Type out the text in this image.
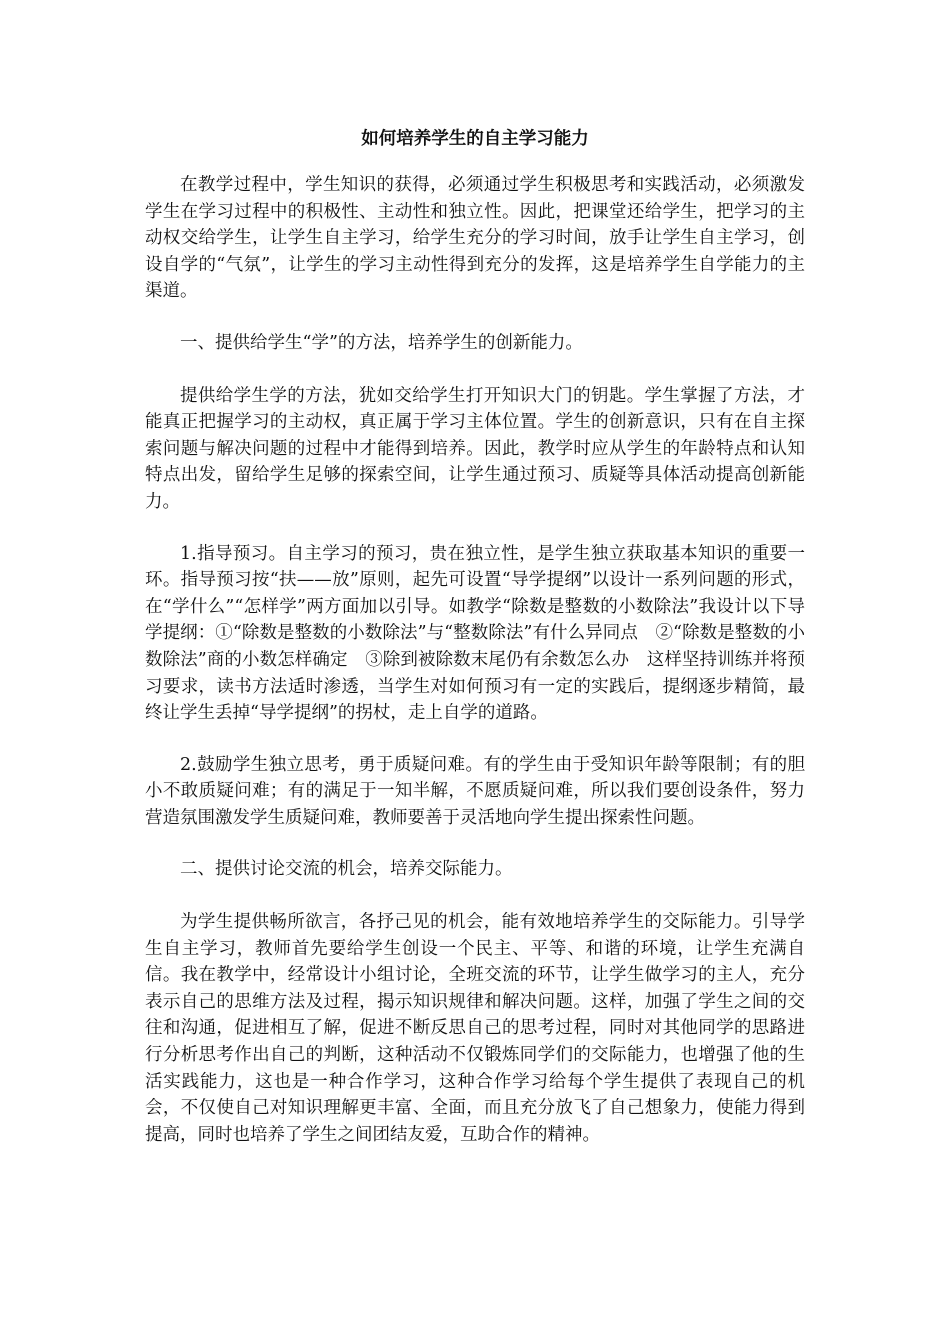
如何培养学生的自主学习能力

在教学过程中，学生知识的获得，必须通过学生积极思考和实践活动，必须激发学生在学习过程中的积极性、主动性和独立性。因此，把课堂还给学生，把学习的主动权交给学生，让学生自主学习，给学生充分的学习时间，放手让学生自主学习，创设自学的“气氛”，让学生的学习主动性得到充分的发挥，这是培养学生自学能力的主渠道。

一、提供给学生“学”的方法，培养学生的创新能力。

提供给学生学的方法，犹如交给学生打开知识大门的钥匙。学生掌握了方法，才能真正把握学习的主动权，真正属于学习主体位置。学生的创新意识，只有在自主探索问题与解决问题的过程中才能得到培养。因此，教学时应从学生的年龄特点和认知特点出发，留给学生足够的探索空间，让学生通过预习、质疑等具体活动提高创新能力。

1.指导预习。自主学习的预习，贵在独立性，是学生独立获取基本知识的重要一环。指导预习按“扶——放”原则，起先可设置“导学提纲”以设计一系列问题的形式，在“学什么”“怎样学”两方面加以引导。如教学“除数是整数的小数除法”我设计以下导学提纲：①“除数是整数的小数除法”与“整数除法”有什么异同点　②“除数是整数的小数除法”商的小数怎样确定　③除到被除数末尾仍有余数怎么办　这样坚持训练并将预习要求，读书方法适时渗透，当学生对如何预习有一定的实践后，提纲逐步精简，最终让学生丢掉“导学提纲”的拐杖，走上自学的道路。

2.鼓励学生独立思考，勇于质疑问难。有的学生由于受知识年龄等限制；有的胆小不敢质疑问难；有的满足于一知半解，不愿质疑问难，所以我们要创设条件，努力营造氛围激发学生质疑问难，教师要善于灵活地向学生提出探索性问题。

二、提供讨论交流的机会，培养交际能力。

为学生提供畅所欲言，各抒己见的机会，能有效地培养学生的交际能力。引导学生自主学习，教师首先要给学生创设一个民主、平等、和谐的环境，让学生充满自信。我在教学中，经常设计小组讨论，全班交流的环节，让学生做学习的主人，充分表示自己的思维方法及过程，揭示知识规律和解决问题。这样，加强了学生之间的交往和沟通，促进相互了解，促进不断反思自己的思考过程，同时对其他同学的思路进行分析思考作出自己的判断，这种活动不仅锻炼同学们的交际能力，也增强了他的生活实践能力，这也是一种合作学习，这种合作学习给每个学生提供了表现自己的机会，不仅使自己对知识理解更丰富、全面，而且充分放飞了自己想象力，使能力得到提高，同时也培养了学生之间团结友爱，互助合作的精神。
